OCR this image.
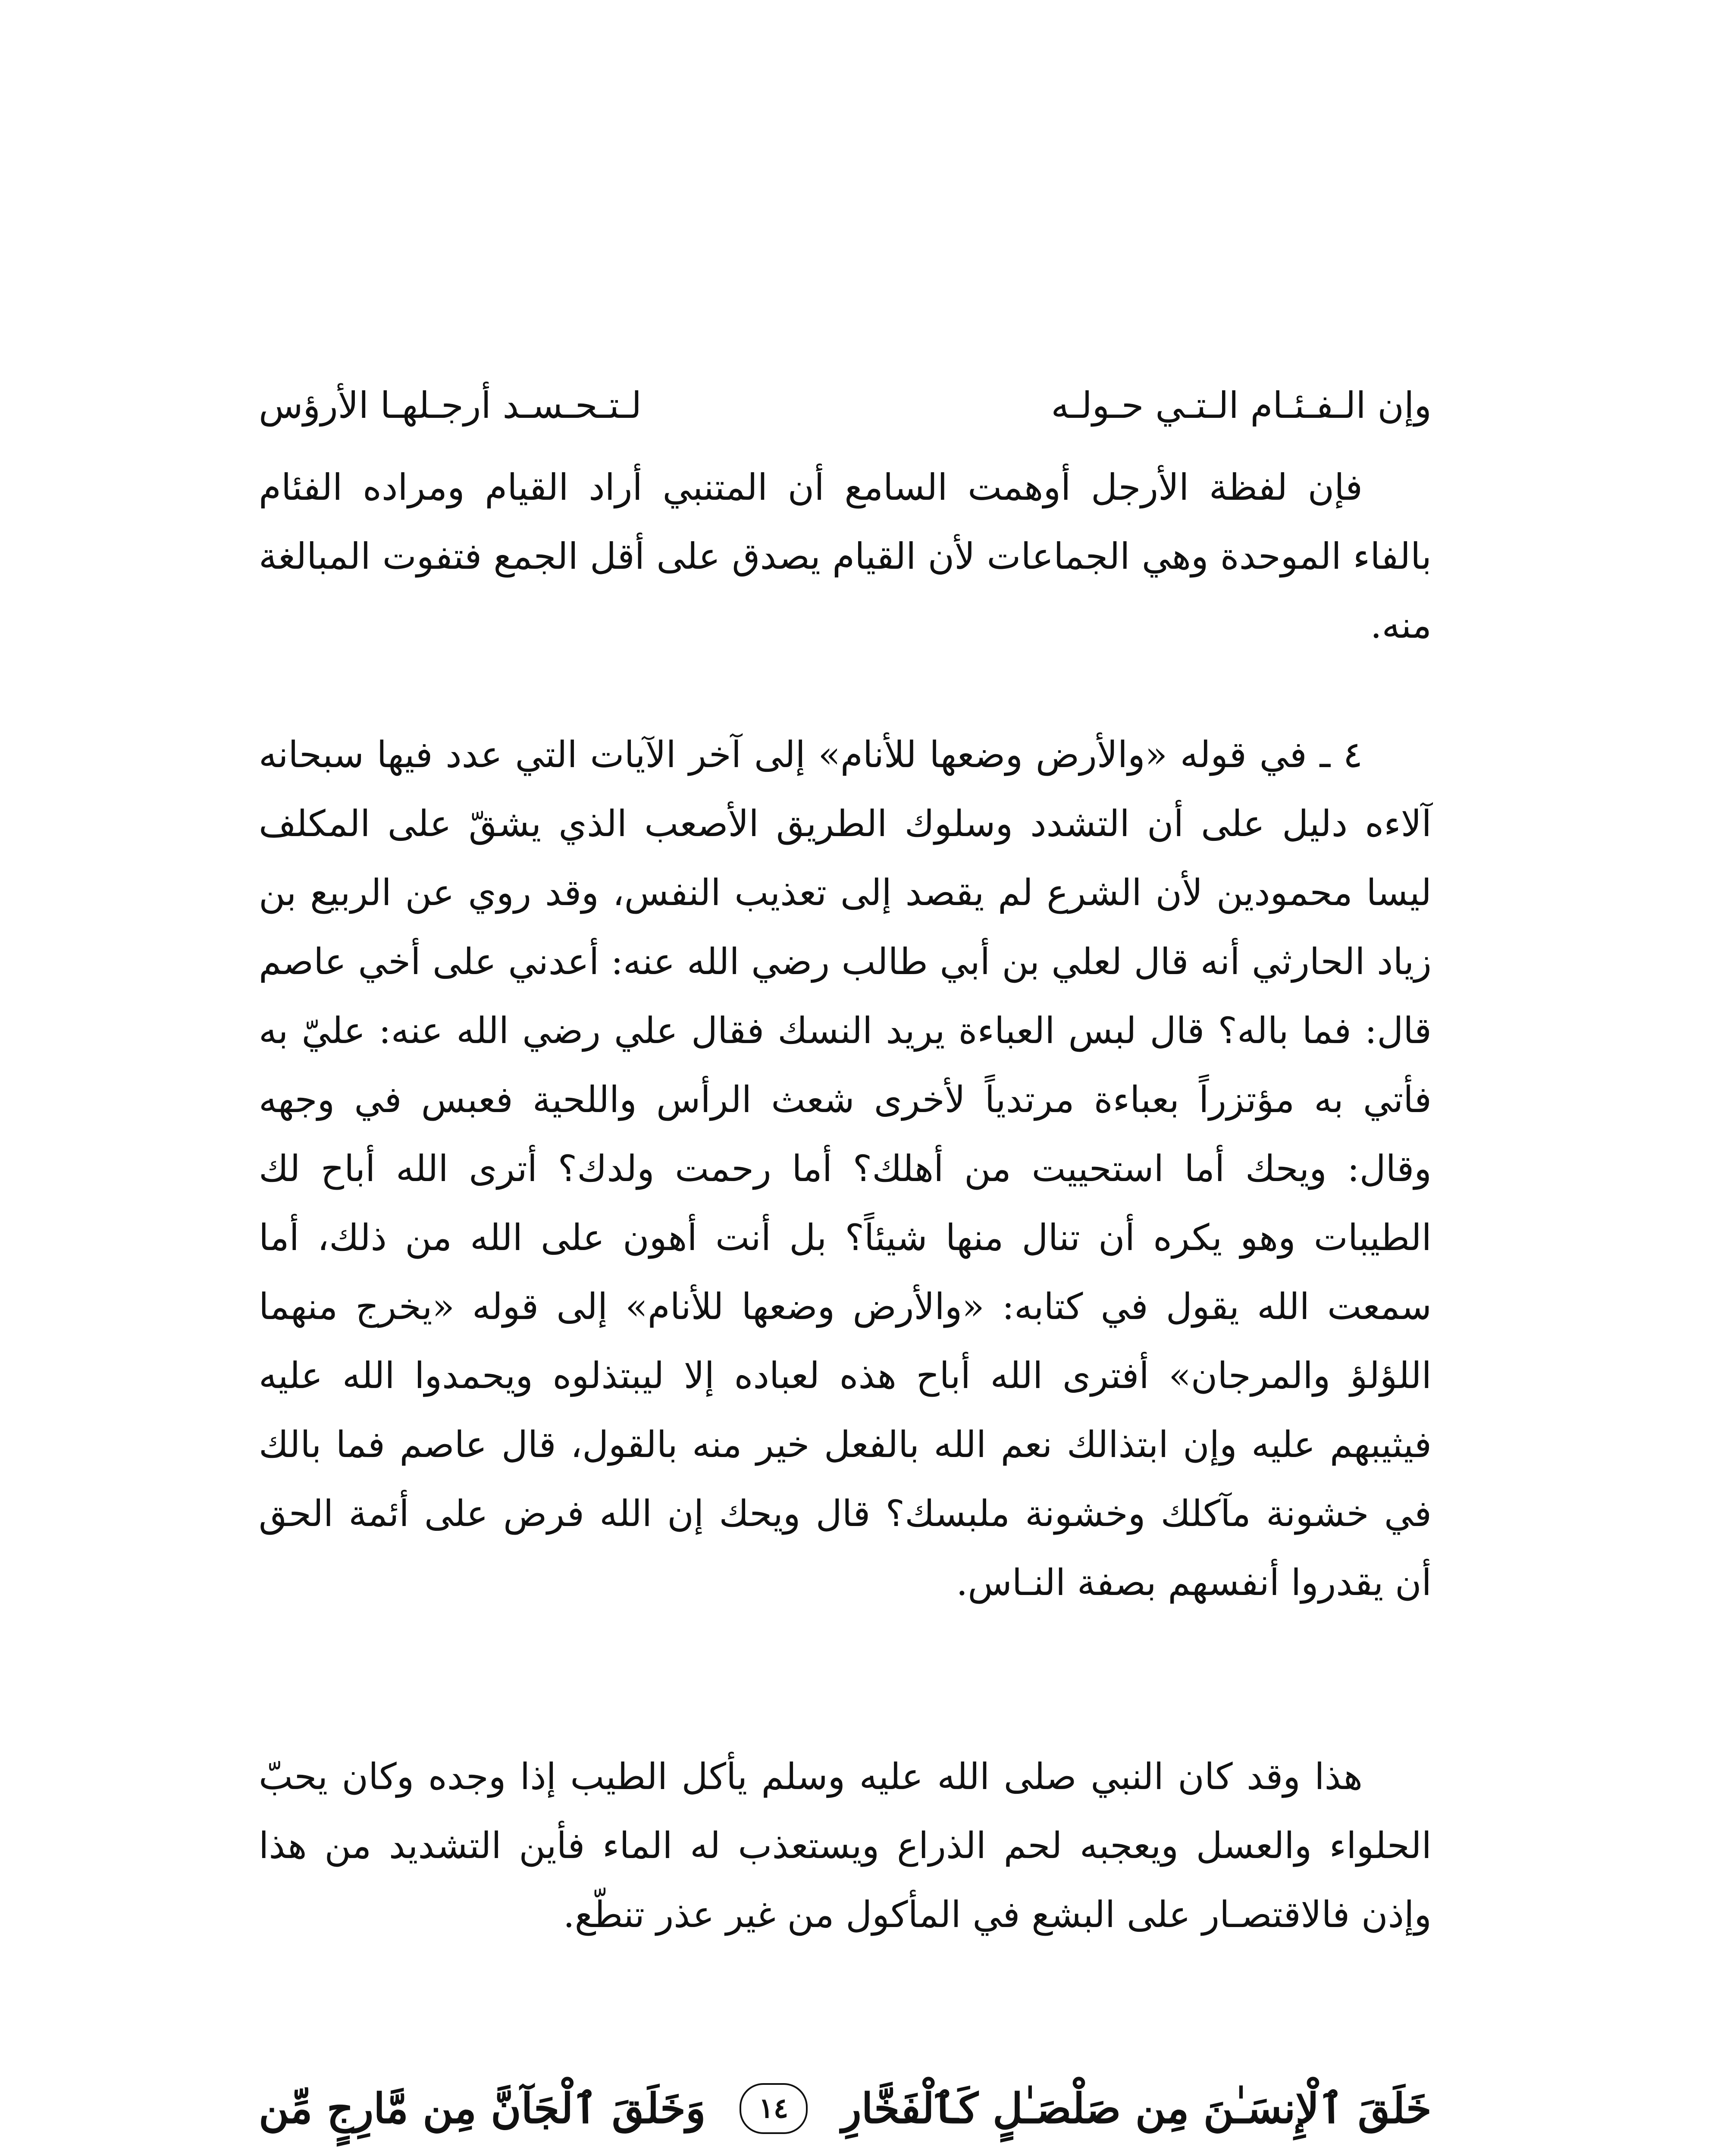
وإن الـفـئـام الـتـي حـولـه
لـتـحـسـد أرجـلهـا الأرؤس

فإن لفظة الأرجل أوهمت السامع أن المتنبي أراد القيام ومراده الفئام بالفاء الموحدة وهي الجماعات لأن القيام يصدق على أقل الجمع فتفوت المبالغة منه.

٤ ـ في قوله «والأرض وضعها للأنام» إلى آخر الآيات التي عدد فيها سبحانه آلاءه دليل على أن التشدد وسلوك الطريق الأصعب الذي يشقّ على المكلف ليسا محمودين لأن الشرع لم يقصد إلى تعذيب النفس، وقد روي عن الربيع بن زياد الحارثي أنه قال لعلي بن أبي طالب رضي الله عنه: أعدني على أخي عاصم قال: فما باله؟ قال لبس العباءة يريد النسك فقال علي رضي الله عنه: عليّ به فأتي به مؤتزراً بعباءة مرتدياً لأخرى شعث الرأس واللحية فعبس في وجهه وقال: ويحك أما استحييت من أهلك؟ أما رحمت ولدك؟ أترى الله أباح لك الطيبات وهو يكره أن تنال منها شيئاً؟ بل أنت أهون على الله من ذلك، أما سمعت الله يقول في كتابه: «والأرض وضعها للأنام» إلى قوله «يخرج منهما اللؤلؤ والمرجان» أفترى الله أباح هذه لعباده إلا ليبتذلوه ويحمدوا الله عليه فيثيبهم عليه وإن ابتذالك نعم الله بالفعل خير منه بالقول، قال عاصم فما بالك في خشونة مآكلك وخشونة ملبسك؟ قال ويحك إن الله فرض على أئمة الحق أن يقدروا أنفسهم بصفة النـاس.

هذا وقد كان النبي صلى الله عليه وسلم يأكل الطيب إذا وجده وكان يحبّ الحلواء والعسل ويعجبه لحم الذراع ويستعذب له الماء فأين التشديد من هذا وإذن فالاقتصـار على البشع في المأكول من غير عذر تنطّع.

خَلَقَ ٱلْإِنسَـٰنَ مِن صَلْصَـٰلٍ كَٱلْفَخَّارِ
١٤
وَخَلَقَ ٱلْجَآنَّ مِن مَّارِجٍ مِّن
